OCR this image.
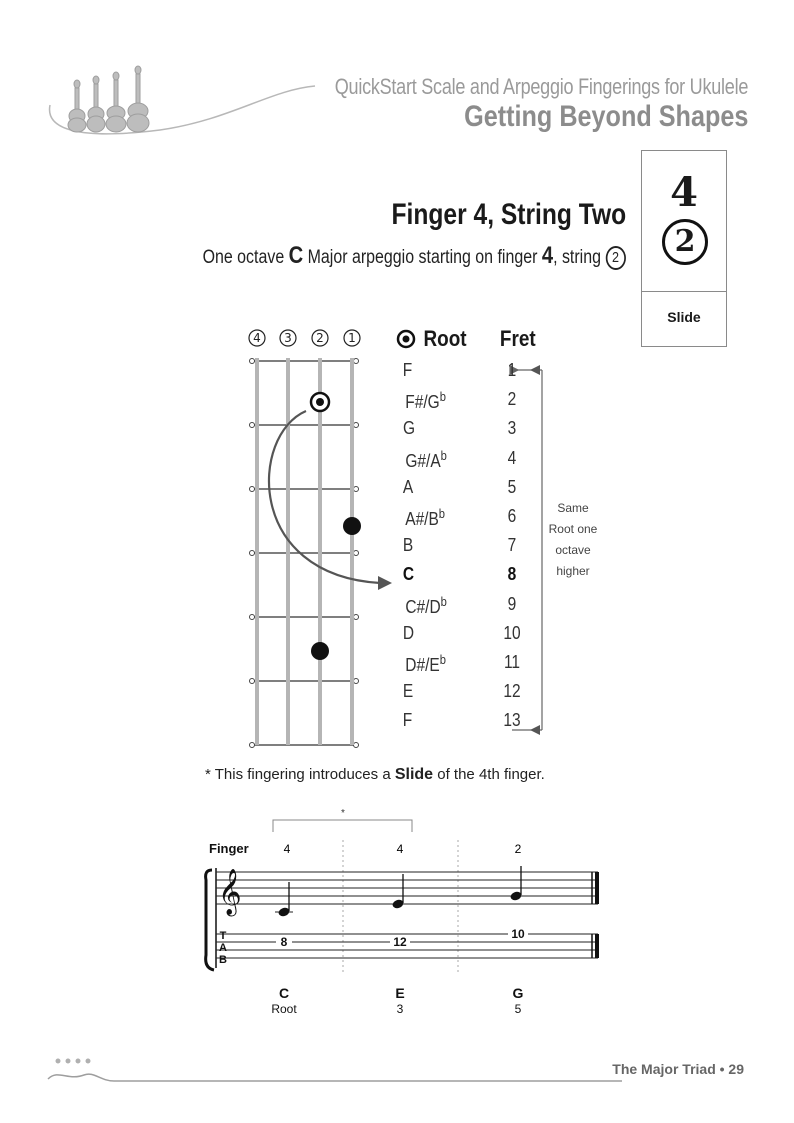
QuickStart Scale and Arpeggio Fingerings for Ukulele
Getting Beyond Shapes
4
2
Slide
Finger 4, String Two
One octave C Major arpeggio starting on finger 4, string 2
4 3 2 1
Same
Root one
octave
higher
Root Fret
F	1
$F\#/G^b$	2
G	3
$G\#/A^b$	4
A	5
$A\#/B^b$	6
B	7
C	8
$C\#/D^b$	9
D	10
$D\#/E^b$	11
E	12
F	13
* This fingering introduces a Slide of the 4th finger.
*
Finger	4	4	2
𝄞
T
A
B
8	12
10
C
Root
E
3
G
5
The Major Triad • 29
